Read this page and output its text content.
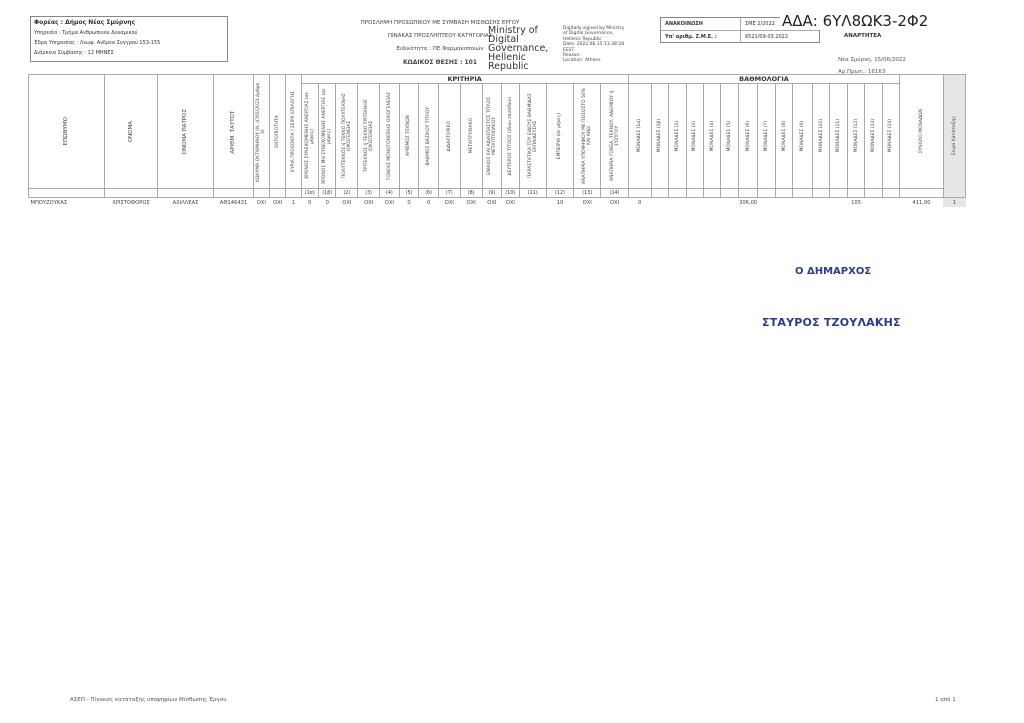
Φορέας : Δήμος Νέας Σμύρνης
Υπηρεσία : Τμήμα Ανθρώπινου Δυναμικού
Έδρα Υπηρεσίας : Λεωφ. Ανδρέα Συγγρού 153-155
Διάρκεια Σύμβασης : 12 ΜΗΝΕΣ
ΠΡΟΣΛΗΨΗ ΠΡΟΣΩΠΙΚΟΥ ΜΕ ΣΥΜΒΑΣΗ ΜΙΣΘΩΣΗΣ ΕΡΓΟΥ
ΠΙΝΑΚΑΣ ΠΡΟΣΛΗΠΤΕΟΥ ΚΑΤΗΓΟΡΙΑΣ
Ειδικότητα : ΠΕ Φαρμακοποιών
ΚΩΔΙΚΟΣ ΘΕΣΗΣ : 101
Ministry of Digital
Governance,
Hellenic Republic
Digitally signed by Ministry
of Digital Governance,
Hellenic Republic
Date: 2022.06.15 11:38:28
EEST
Reason:
Location: Athens
ΑΝΑΚΟΙΝΩΣΗ	ΣΜΕ 2/2022
Υπ' αριθμ. Σ.Μ.Ε. :	6521/09.03.2022
ΑΔΑ: 6ΥΛ8ΩΚ3-2Φ2
ΑΝΑΡΤΗΤΕΑ
Νέα Σμύρνη, 15/06/2022
Αρ.Πρωτ.: 16163
ΕΠΩΝΥΜΟ	ΟΝΟΜΑ	ΟΝΟΜΑ ΠΑΤΡΟΣ	ΑΡΙΘΜ. ΤΑΥΤΟΤ.	ΚΩΛΥΜΑ ΟΚΤΑΜΗΝΟΥ (Ν. 4765/2021 άρθρο 3)	ΕΝΤΟΠΙΟΤΗΤΑ	ΚΥΡΙΑ ΠΡΟΣΟΝΤΑ / ΣΕΙΡΑ ΕΠΙΛΟΓΗΣ	ΚΡΙΤΗΡΙΑ															ΒΑΘΜΟΛΟΓΙΑ															ΣΥΝΟΛΟ ΜΟΝΑΔΩΝ	Σειρά Κατάταξης

							ΧΡΟΝΟΣ ΣΥΝΕΧΟΜΕΝΗΣ ΑΝΕΡΓΙΑΣ (σε μήνες)	ΧΡΟΝΟΣ ΜΗ ΣΥΝΕΧΟΜΕΝΗΣ ΑΝΕΡΓΙΑΣ (σε μήνες)	ΠΟΛΥΤΕΚΝΟΣ ή ΤΕΚΝΟ ΠΟΛΥΤΕΚΝΗΣ ΟΙΚΟΓΕΝΕΙΑΣ	ΤΡΙΤΕΚΝΟΣ ή ΤΕΚΝΟ ΤΡΙΤΕΚΝΗΣ ΟΙΚΟΓΕΝΕΙΑΣ	ΓΟΝΕΑΣ ΜΟΝΟΓΟΝΕΪΚΗΣ ΟΙΚΟΓΕΝΕΙΑΣ	ΑΡΙΘΜΟΣ ΤΕΚΝΩΝ	ΒΑΘΜΟΣ ΒΑΣΙΚΟΥ ΤΙΤΛΟΥ	ΔΙΔΑΚΤΟΡΙΚΟ	ΜΕΤΑΠΤΥΧΙΑΚΟ	ΕΝΙΑΙΟΣ ΚΑΙ ΑΔΙΑΣΠΑΣΤΟΣ ΤΙΤΛΟΣ ΜΕΤΑΠΤΥΧΙΑΚΟΥ	ΔΕΥΤΕΡΟΣ ΤΙΤΛΟΣ (ίδιου επιπέδου)	ΠΑΡΑΣΤΑΤΙΚΑ ΤΟΥ ΕΙΔΟΥΣ ΒΑΘΜΙΔΑΣ ΕΚΠΑΙΔΕΥΣΗΣ	ΕΜΠΕΙΡΙΑ (σε μήνες)	ΑΝΑΠΗΡΙΑ ΥΠΟΨΗΦΙΟΥ ΜΕ ΠΟΣΟΣΤΟ 50% ΚΑΙ ΑΝΩ	ΑΝΑΠΗΡΙΑ ΓΟΝΕΑ, ΤΕΚΝΟΥ, ΑΔΕΛΦΟΥ ή ΣΥΖΥΓΟΥ	ΜΟΝΑΔΕΣ (1α)	ΜΟΝΑΔΕΣ (1β)	ΜΟΝΑΔΕΣ (2)	ΜΟΝΑΔΕΣ (3)	ΜΟΝΑΔΕΣ (4)	ΜΟΝΑΔΕΣ (5)	ΜΟΝΑΔΕΣ (6)	ΜΟΝΑΔΕΣ (7)	ΜΟΝΑΔΕΣ (8)	ΜΟΝΑΔΕΣ (9)	ΜΟΝΑΔΕΣ (10)	ΜΟΝΑΔΕΣ (11)	ΜΟΝΑΔΕΣ (12)	ΜΟΝΑΔΕΣ (13)	ΜΟΝΑΔΕΣ (14)		

							(1α)	(1β)	(2)	(3)	(4)	(5)	(6)	(7)	(8)	(9)	(10)	(11)	(12)	(13)	(14)																	
ΜΠΟΥΖΟΥΚΑΣ	ΧΡΙΣΤΟΦΟΡΟΣ	ΑΧΙΛΛΕΑΣ	ΑΘ146431	ΟΧΙ	ΟΧΙ	1	0	0	ΟΧΙ	ΟΧΙ	ΟΧΙ	0	0	ΟΧΙ	ΟΧΙ	ΟΧΙ	ΟΧΙ		10	ΟΧΙ	ΟΧΙ	0						306,00						105			411,00	1
Ο ΔΗΜΑΡΧΟΣ
ΣΤΑΥΡΟΣ ΤΖΟΥΛΑΚΗΣ
ΑΣΕΠ - Πίνακας κατάταξης υποψηφίων Μίσθωσης Έργου	1 από 1
